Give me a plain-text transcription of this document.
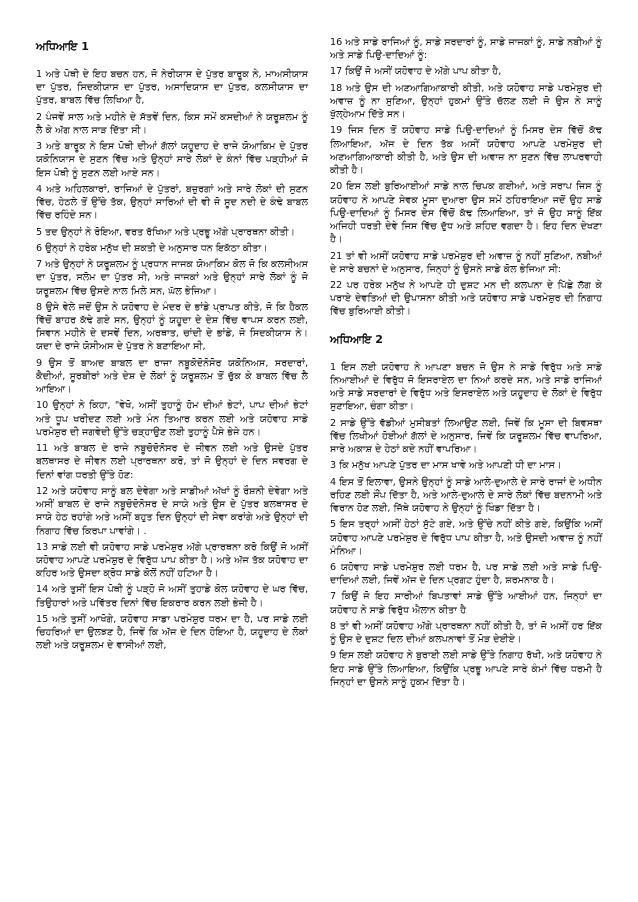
ਅਧਿਆਇ 1

1 ਅਤੇ ਪੋਥੀ ਦੇ ਇਹ ਬਚਨ ਹਨ, ਜੋ ਨੇਰੀਯਾਸ ਦੇ ਪੁੱਤਰ ਬਾਰੂਕ ਨੇ, ਮਾਅਸੀਯਾਸ ਦਾ ਪੁੱਤਰ, ਸਿਦਕੀਯਾਸ ਦਾ ਪੁੱਤਰ, ਅਸਾਦਿਯਾਸ ਦਾ ਪੁੱਤਰ, ਕਲਸੀਯਾਸ ਦਾ ਪੁੱਤਰ, ਬਾਬਲ ਵਿੱਚ ਲਿਖਿਆ ਹੈ,

2 ਪੰਜਵੇਂ ਸਾਲ ਅਤੇ ਮਹੀਨੇ ਦੇ ਸੱਤਵੇਂ ਦਿਨ, ਕਿਸ ਸਮੇਂ ਕਸਦੀਆਂ ਨੇ ਯਰੂਸ਼ਲਮ ਨੂੰ ਲੈ ਕੇ ਅੱਗ ਨਾਲ ਸਾੜ ਦਿੱਤਾ ਸੀ।

3 ਅਤੇ ਬਾਰੂਕ ਨੇ ਇਸ ਪੋਥੀ ਦੀਆਂ ਗੱਲਾਂ ਯਹੂਦਾਹ ਦੇ ਰਾਜੇ ਯੋਆਕਿਮ ਦੇ ਪੁੱਤਰ ਯਕੋਨਿਯਾਸ ਦੇ ਸੁਣਨ ਵਿੱਚ ਅਤੇ ਉਨ੍ਹਾਂ ਸਾਰੇ ਲੋਕਾਂ ਦੇ ਕੰਨਾਂ ਵਿੱਚ ਪੜ੍ਹੀਆਂ ਜੋ ਇਸ ਪੋਥੀ ਨੂੰ ਸੁਣਨ ਲਈ ਆਏ ਸਨ।

4 ਅਤੇ ਅਹਿਲਕਾਰਾਂ, ਰਾਜਿਆਂ ਦੇ ਪੁੱਤਰਾਂ, ਬਜ਼ੁਰਗਾਂ ਅਤੇ ਸਾਰੇ ਲੋਕਾਂ ਦੀ ਸੁਣਨ ਵਿੱਚ, ਹੇਠਲੇ ਤੋਂ ਉੱਚੇ ਤੱਕ, ਉਨ੍ਹਾਂ ਸਾਰਿਆਂ ਦੀ ਵੀ ਜੋ ਸੂਦ ਨਦੀ ਦੇ ਕੰਢੇ ਬਾਬਲ ਵਿੱਚ ਰਹਿੰਦੇ ਸਨ।

5 ਤਦ ਉਨ੍ਹਾਂ ਨੇ ਰੋਇਆ, ਵਰਤ ਰੱਖਿਆ ਅਤੇ ਪ੍ਰਭੂ ਅੱਗੇ ਪ੍ਰਾਰਥਨਾ ਕੀਤੀ।

6 ਉਨ੍ਹਾਂ ਨੇ ਹਰੇਕ ਮਨੁੱਖ ਦੀ ਸ਼ਕਤੀ ਦੇ ਅਨੁਸਾਰ ਧਨ ਇਕੱਠਾ ਕੀਤਾ।

7 ਅਤੇ ਉਨ੍ਹਾਂ ਨੇ ਯਰੂਸ਼ਲਮ ਨੂੰ ਪ੍ਰਧਾਨ ਜਾਜਕ ਯੋਆਕਿਮ ਕੋਲ ਜੋ ਕਿ ਕਲਸੀਅਸ ਦਾ ਪੁੱਤਰ, ਸਲੋਮ ਦਾ ਪੁੱਤਰ ਸੀ, ਅਤੇ ਜਾਜਕਾਂ ਅਤੇ ਉਨ੍ਹਾਂ ਸਾਰੇ ਲੋਕਾਂ ਨੂੰ ਜੋ ਯਰੂਸ਼ਲਮ ਵਿੱਚ ਉਸਦੇ ਨਾਲ ਮਿਲੇ ਸਨ, ਘੱਲ ਭੇਜਿਆ।

8 ਉਸੇ ਵੇਲੇ ਜਦੋਂ ਉਸ ਨੇ ਯਹੋਵਾਹ ਦੇ ਮੰਦਰ ਦੇ ਭਾਂਡੇ ਪ੍ਰਾਪਤ ਕੀਤੇ, ਜੋ ਕਿ ਹੈਕਲ ਵਿੱਚੋਂ ਬਾਹਰ ਕੱਢੇ ਗਏ ਸਨ, ਉਨ੍ਹਾਂ ਨੂੰ ਯਹੂਦਾ ਦੇ ਦੇਸ਼ ਵਿੱਚ ਵਾਪਸ ਕਰਨ ਲਈ, ਸਿਵਾਨ ਮਹੀਨੇ ਦੇ ਦਸਵੇਂ ਦਿਨ, ਅਰਥਾਤ, ਚਾਂਦੀ ਦੇ ਭਾਂਡੇ, ਜੋ ਸਿਦਕੀਯਾਸ ਨੇ। ਯਦਾ ਦੇ ਰਾਜੇ ਯੋਸੀਅਸ ਦੇ ਪੁੱਤਰ ਨੇ ਬਣਾਇਆ ਸੀ,

9 ਉਸ ਤੋਂ ਬਾਅਦ ਬਾਬਲ ਦਾ ਰਾਜਾ ਨਬੂਕੋਦੋਨੋਸੋਰ ਯਕੋਨਿਅਸ, ਸਰਦਾਰਾਂ, ਕੈਦੀਆਂ, ਸੂਰਬੀਰਾਂ ਅਤੇ ਦੇਸ਼ ਦੇ ਲੋਕਾਂ ਨੂੰ ਯਰੂਸ਼ਲਮ ਤੋਂ ਚੁੱਕ ਕੇ ਬਾਬਲ ਵਿੱਚ ਲੈ ਆਇਆ।

10 ਉਨ੍ਹਾਂ ਨੇ ਕਿਹਾ, "ਵੇਖੋ, ਅਸੀਂ ਤੁਹਾਨੂੰ ਹੋਮ ਦੀਆਂ ਭੇਟਾਂ, ਪਾਪ ਦੀਆਂ ਭੇਟਾਂ ਅਤੇ ਧੂਪ ਖਰੀਦਣ ਲਈ ਅਤੇ ਮੰਨ ਤਿਆਰ ਕਰਨ ਲਈ ਅਤੇ ਯਹੋਵਾਹ ਸਾਡੇ ਪਰਮੇਸ਼ੁਰ ਦੀ ਜਗਵੇਦੀ ਉੱਤੇ ਚੜ੍ਹਾਉਣ ਲਈ ਤੁਹਾਨੂੰ ਪੈਸੇ ਭੇਜੇ ਹਨ।

11 ਅਤੇ ਬਾਬਲ ਦੇ ਰਾਜੇ ਨਬੂਚੋਦੋਨੋਸਰ ਦੇ ਜੀਵਨ ਲਈ ਅਤੇ ਉਸਦੇ ਪੁੱਤਰ ਬਲਥਾਸਰ ਦੇ ਜੀਵਨ ਲਈ ਪ੍ਰਾਰਥਨਾ ਕਰੋ, ਤਾਂ ਜੋ ਉਨ੍ਹਾਂ ਦੇ ਦਿਨ ਸਵਰਗ ਦੇ ਦਿਨਾਂ ਵਾਂਗ ਧਰਤੀ ਉੱਤੇ ਹੋਣ:

12 ਅਤੇ ਯਹੋਵਾਹ ਸਾਨੂੰ ਬਲ ਦੇਵੇਗਾ ਅਤੇ ਸਾਡੀਆਂ ਅੱਖਾਂ ਨੂੰ ਰੌਸ਼ਨੀ ਦੇਵੇਗਾ ਅਤੇ ਅਸੀਂ ਬਾਬਲ ਦੇ ਰਾਜੇ ਨਬੂਚੋਦੋਨੋਸਰ ਦੇ ਸਾਯੇ ਅਤੇ ਉਸ ਦੇ ਪੁੱਤਰ ਬਲਥਾਸਰ ਦੇ ਸਾਯੇ ਹੇਠ ਰਹਾਂਗੇ ਅਤੇ ਅਸੀਂ ਬਹੁਤ ਦਿਨ ਉਨ੍ਹਾਂ ਦੀ ਸੇਵਾ ਕਰਾਂਗੇ ਅਤੇ ਉਨ੍ਹਾਂ ਦੀ ਨਿਗਾਹ ਵਿੱਚ ਕਿਰਪਾ ਪਾਵਾਂਗੇ। .

13 ਸਾਡੇ ਲਈ ਵੀ ਯਹੋਵਾਹ ਸਾਡੇ ਪਰਮੇਸ਼ੁਰ ਅੱਗੇ ਪ੍ਰਾਰਥਨਾ ਕਰੋ ਕਿਉਂ ਜੋ ਅਸੀਂ ਯਹੋਵਾਹ ਆਪਣੇ ਪਰਮੇਸ਼ੁਰ ਦੇ ਵਿਰੁੱਧ ਪਾਪ ਕੀਤਾ ਹੈ। ਅਤੇ ਅੱਜ ਤੱਕ ਯਹੋਵਾਹ ਦਾ ਕਹਿਰ ਅਤੇ ਉਸਦਾ ਕ੍ਰੋਧ ਸਾਡੇ ਕੋਲੋਂ ਨਹੀਂ ਹਟਿਆ ਹੈ।

14 ਅਤੇ ਤੁਸੀਂ ਇਸ ਪੋਥੀ ਨੂੰ ਪੜ੍ਹੋ ਜੋ ਅਸੀਂ ਤੁਹਾਡੇ ਕੋਲ ਯਹੋਵਾਹ ਦੇ ਘਰ ਵਿੱਚ, ਤਿਉਹਾਰਾਂ ਅਤੇ ਪਵਿੱਤਰ ਦਿਨਾਂ ਵਿੱਚ ਇਕਰਾਰ ਕਰਨ ਲਈ ਭੇਜੀ ਹੈ।

15 ਅਤੇ ਤੁਸੀਂ ਆਖੋਗੇ, ਯਹੋਵਾਹ ਸਾਡਾ ਪਰਮੇਸ਼ੁਰ ਧਰਮ ਦਾ ਹੈ, ਪਰ ਸਾਡੇ ਲਈ ਚਿਹਰਿਆਂ ਦਾ ਉਲਝਣ ਹੈ, ਜਿਵੇਂ ਕਿ ਅੱਜ ਦੇ ਦਿਨ ਹੋਇਆ ਹੈ, ਯਹੂਦਾਹ ਦੇ ਲੋਕਾਂ ਲਈ ਅਤੇ ਯਰੂਸ਼ਲਮ ਦੇ ਵਾਸੀਆਂ ਲਈ,

16 ਅਤੇ ਸਾਡੇ ਰਾਜਿਆਂ ਨੂੰ, ਸਾਡੇ ਸਰਦਾਰਾਂ ਨੂੰ, ਸਾਡੇ ਜਾਜਕਾਂ ਨੂੰ, ਸਾਡੇ ਨਬੀਆਂ ਨੂੰ ਅਤੇ ਸਾਡੇ ਪਿਉ-ਦਾਦਿਆਂ ਨੂੰ:

17 ਕਿਉਂ ਜੋ ਅਸੀਂ ਯਹੋਵਾਹ ਦੇ ਅੱਗੇ ਪਾਪ ਕੀਤਾ ਹੈ,

18 ਅਤੇ ਉਸ ਦੀ ਅਣਆਗਿਆਕਾਰੀ ਕੀਤੀ, ਅਤੇ ਯਹੋਵਾਹ ਸਾਡੇ ਪਰਮੇਸ਼ੁਰ ਦੀ ਅਵਾਜ਼ ਨੂੰ ਨਾ ਸੁਣਿਆ, ਉਨ੍ਹਾਂ ਹੁਕਮਾਂ ਉੱਤੇ ਚੱਲਣ ਲਈ ਜੋ ਉਸ ਨੇ ਸਾਨੂੰ ਖੁੱਲ੍ਹੇਆਮ ਦਿੱਤੇ ਸਨ।

19 ਜਿਸ ਦਿਨ ਤੋਂ ਯਹੋਵਾਹ ਸਾਡੇ ਪਿਉ-ਦਾਦਿਆਂ ਨੂੰ ਮਿਸਰ ਦੇਸ ਵਿੱਚੋਂ ਕੱਢ ਲਿਆਇਆ, ਅੱਜ ਦੇ ਦਿਨ ਤੱਕ ਅਸੀਂ ਯਹੋਵਾਹ ਆਪਣੇ ਪਰਮੇਸ਼ੁਰ ਦੀ ਅਣਆਗਿਆਕਾਰੀ ਕੀਤੀ ਹੈ, ਅਤੇ ਉਸ ਦੀ ਅਵਾਜ਼ ਨਾ ਸੁਣਨ ਵਿੱਚ ਲਾਪਰਵਾਹੀ ਕੀਤੀ ਹੈ।

20 ਇਸ ਲਈ ਬੁਰਿਆਈਆਂ ਸਾਡੇ ਨਾਲ ਚਿਪਕ ਗਈਆਂ, ਅਤੇ ਸਰਾਪ ਜਿਸ ਨੂੰ ਯਹੋਵਾਹ ਨੇ ਆਪਣੇ ਸੇਵਕ ਮੂਸਾ ਦੁਆਰਾ ਉਸ ਸਮੇਂ ਠਹਿਰਾਇਆ ਜਦੋਂ ਉਹ ਸਾਡੇ ਪਿਉ-ਦਾਦਿਆਂ ਨੂੰ ਮਿਸਰ ਦੇਸ ਵਿੱਚੋਂ ਕੱਢ ਲਿਆਇਆ, ਤਾਂ ਜੋ ਉਹ ਸਾਨੂੰ ਇੱਕ ਅਜਿਹੀ ਧਰਤੀ ਦੇਵੇ ਜਿਸ ਵਿੱਚ ਦੁੱਧ ਅਤੇ ਸ਼ਹਿਦ ਵਗਦਾ ਹੈ। ਇਹ ਦਿਨ ਦੇਖਣਾ ਹੈ।

21 ਤਾਂ ਵੀ ਅਸੀਂ ਯਹੋਵਾਹ ਸਾਡੇ ਪਰਮੇਸ਼ੁਰ ਦੀ ਅਵਾਜ਼ ਨੂੰ ਨਹੀਂ ਸੁਣਿਆ, ਨਬੀਆਂ ਦੇ ਸਾਰੇ ਬਚਨਾਂ ਦੇ ਅਨੁਸਾਰ, ਜਿਨ੍ਹਾਂ ਨੂੰ ਉਸਨੇ ਸਾਡੇ ਕੋਲ ਭੇਜਿਆ ਸੀ:

22 ਪਰ ਹਰੇਕ ਮਨੁੱਖ ਨੇ ਆਪਣੇ ਹੀ ਦੁਸ਼ਟ ਮਨ ਦੀ ਕਲਪਨਾ ਦੇ ਪਿੱਛੇ ਲੱਗ ਕੇ ਪਰਾਏ ਦੇਵਤਿਆਂ ਦੀ ਉਪਾਸਨਾ ਕੀਤੀ ਅਤੇ ਯਹੋਵਾਹ ਸਾਡੇ ਪਰਮੇਸ਼ੁਰ ਦੀ ਨਿਗਾਹ ਵਿੱਚ ਬੁਰਿਆਈ ਕੀਤੀ।

ਅਧਿਆਇ 2

1 ਇਸ ਲਈ ਯਹੋਵਾਹ ਨੇ ਆਪਣਾ ਬਚਨ ਜੋ ਉਸ ਨੇ ਸਾਡੇ ਵਿਰੁੱਧ ਅਤੇ ਸਾਡੇ ਨਿਆਈਆਂ ਦੇ ਵਿਰੁੱਧ ਜੋ ਇਸਰਾਏਲ ਦਾ ਨਿਆਂ ਕਰਦੇ ਸਨ, ਅਤੇ ਸਾਡੇ ਰਾਜਿਆਂ ਅਤੇ ਸਾਡੇ ਸਰਦਾਰਾਂ ਦੇ ਵਿਰੁੱਧ ਅਤੇ ਇਸਰਾਏਲ ਅਤੇ ਯਹੂਦਾਹ ਦੇ ਲੋਕਾਂ ਦੇ ਵਿਰੁੱਧ ਸੁਣਾਇਆ, ਚੰਗਾ ਕੀਤਾ।

2 ਸਾਡੇ ਉੱਤੇ ਵੱਡੀਆਂ ਮੁਸੀਬਤਾਂ ਲਿਆਉਣ ਲਈ, ਜਿਵੇਂ ਕਿ ਮੂਸਾ ਦੀ ਬਿਵਸਥਾ ਵਿੱਚ ਲਿਖੀਆਂ ਹੋਈਆਂ ਗੱਲਾਂ ਦੇ ਅਨੁਸਾਰ, ਜਿਵੇਂ ਕਿ ਯਰੂਸ਼ਲਮ ਵਿੱਚ ਵਾਪਰਿਆ, ਸਾਰੇ ਅਕਾਸ਼ ਦੇ ਹੇਠਾਂ ਕਦੇ ਨਹੀਂ ਵਾਪਰਿਆ।

3 ਕਿ ਮਨੁੱਖ ਆਪਣੇ ਪੁੱਤਰ ਦਾ ਮਾਸ ਖਾਵੇ ਅਤੇ ਆਪਣੀ ਧੀ ਦਾ ਮਾਸ।

4 ਇਸ ਤੋਂ ਇਲਾਵਾ, ਉਸਨੇ ਉਨ੍ਹਾਂ ਨੂੰ ਸਾਡੇ ਆਲੇ-ਦੁਆਲੇ ਦੇ ਸਾਰੇ ਰਾਜਾਂ ਦੇ ਅਧੀਨ ਰਹਿਣ ਲਈ ਸੌਂਪ ਦਿੱਤਾ ਹੈ, ਅਤੇ ਆਲੇ-ਦੁਆਲੇ ਦੇ ਸਾਰੇ ਲੋਕਾਂ ਵਿੱਚ ਬਦਨਾਮੀ ਅਤੇ ਵਿਰਾਨ ਹੋਣ ਲਈ, ਜਿੱਥੇ ਯਹੋਵਾਹ ਨੇ ਉਨ੍ਹਾਂ ਨੂੰ ਖਿੰਡਾ ਦਿੱਤਾ ਹੈ।

5 ਇਸ ਤਰ੍ਹਾਂ ਅਸੀਂ ਹੇਠਾਂ ਸੁੱਟੇ ਗਏ, ਅਤੇ ਉੱਚੇ ਨਹੀਂ ਕੀਤੇ ਗਏ, ਕਿਉਂਕਿ ਅਸੀਂ ਯਹੋਵਾਹ ਆਪਣੇ ਪਰਮੇਸ਼ੁਰ ਦੇ ਵਿਰੁੱਧ ਪਾਪ ਕੀਤਾ ਹੈ, ਅਤੇ ਉਸਦੀ ਅਵਾਜ਼ ਨੂੰ ਨਹੀਂ ਮੰਨਿਆ।

6 ਯਹੋਵਾਹ ਸਾਡੇ ਪਰਮੇਸ਼ੁਰ ਲਈ ਧਰਮ ਹੈ, ਪਰ ਸਾਡੇ ਲਈ ਅਤੇ ਸਾਡੇ ਪਿਉ-ਦਾਦਿਆਂ ਲਈ, ਜਿਵੇਂ ਅੱਜ ਦੇ ਦਿਨ ਪ੍ਰਗਟ ਹੁੰਦਾ ਹੈ, ਸ਼ਰਮਨਾਕ ਹੈ।

7 ਕਿਉਂ ਜੋ ਇਹ ਸਾਰੀਆਂ ਬਿਪਤਾਵਾਂ ਸਾਡੇ ਉੱਤੇ ਆਈਆਂ ਹਨ, ਜਿਨ੍ਹਾਂ ਦਾ ਯਹੋਵਾਹ ਨੇ ਸਾਡੇ ਵਿਰੁੱਧ ਐਲਾਨ ਕੀਤਾ ਹੈ

8 ਤਾਂ ਵੀ ਅਸੀਂ ਯਹੋਵਾਹ ਅੱਗੇ ਪ੍ਰਾਰਥਨਾ ਨਹੀਂ ਕੀਤੀ ਹੈ, ਤਾਂ ਜੋ ਅਸੀਂ ਹਰ ਇੱਕ ਨੂੰ ਉਸ ਦੇ ਦੁਸ਼ਟ ਦਿਲ ਦੀਆਂ ਕਲਪਨਾਵਾਂ ਤੋਂ ਮੋੜ ਦੇਈਏ।

9 ਇਸ ਲਈ ਯਹੋਵਾਹ ਨੇ ਬੁਰਾਈ ਲਈ ਸਾਡੇ ਉੱਤੇ ਨਿਗਾਹ ਰੱਖੀ, ਅਤੇ ਯਹੋਵਾਹ ਨੇ ਇਹ ਸਾਡੇ ਉੱਤੇ ਲਿਆਇਆ, ਕਿਉਂਕਿ ਪ੍ਰਭੂ ਆਪਣੇ ਸਾਰੇ ਕੰਮਾਂ ਵਿੱਚ ਧਰਮੀ ਹੈ ਜਿਨ੍ਹਾਂ ਦਾ ਉਸਨੇ ਸਾਨੂੰ ਹੁਕਮ ਦਿੱਤਾ ਹੈ।
